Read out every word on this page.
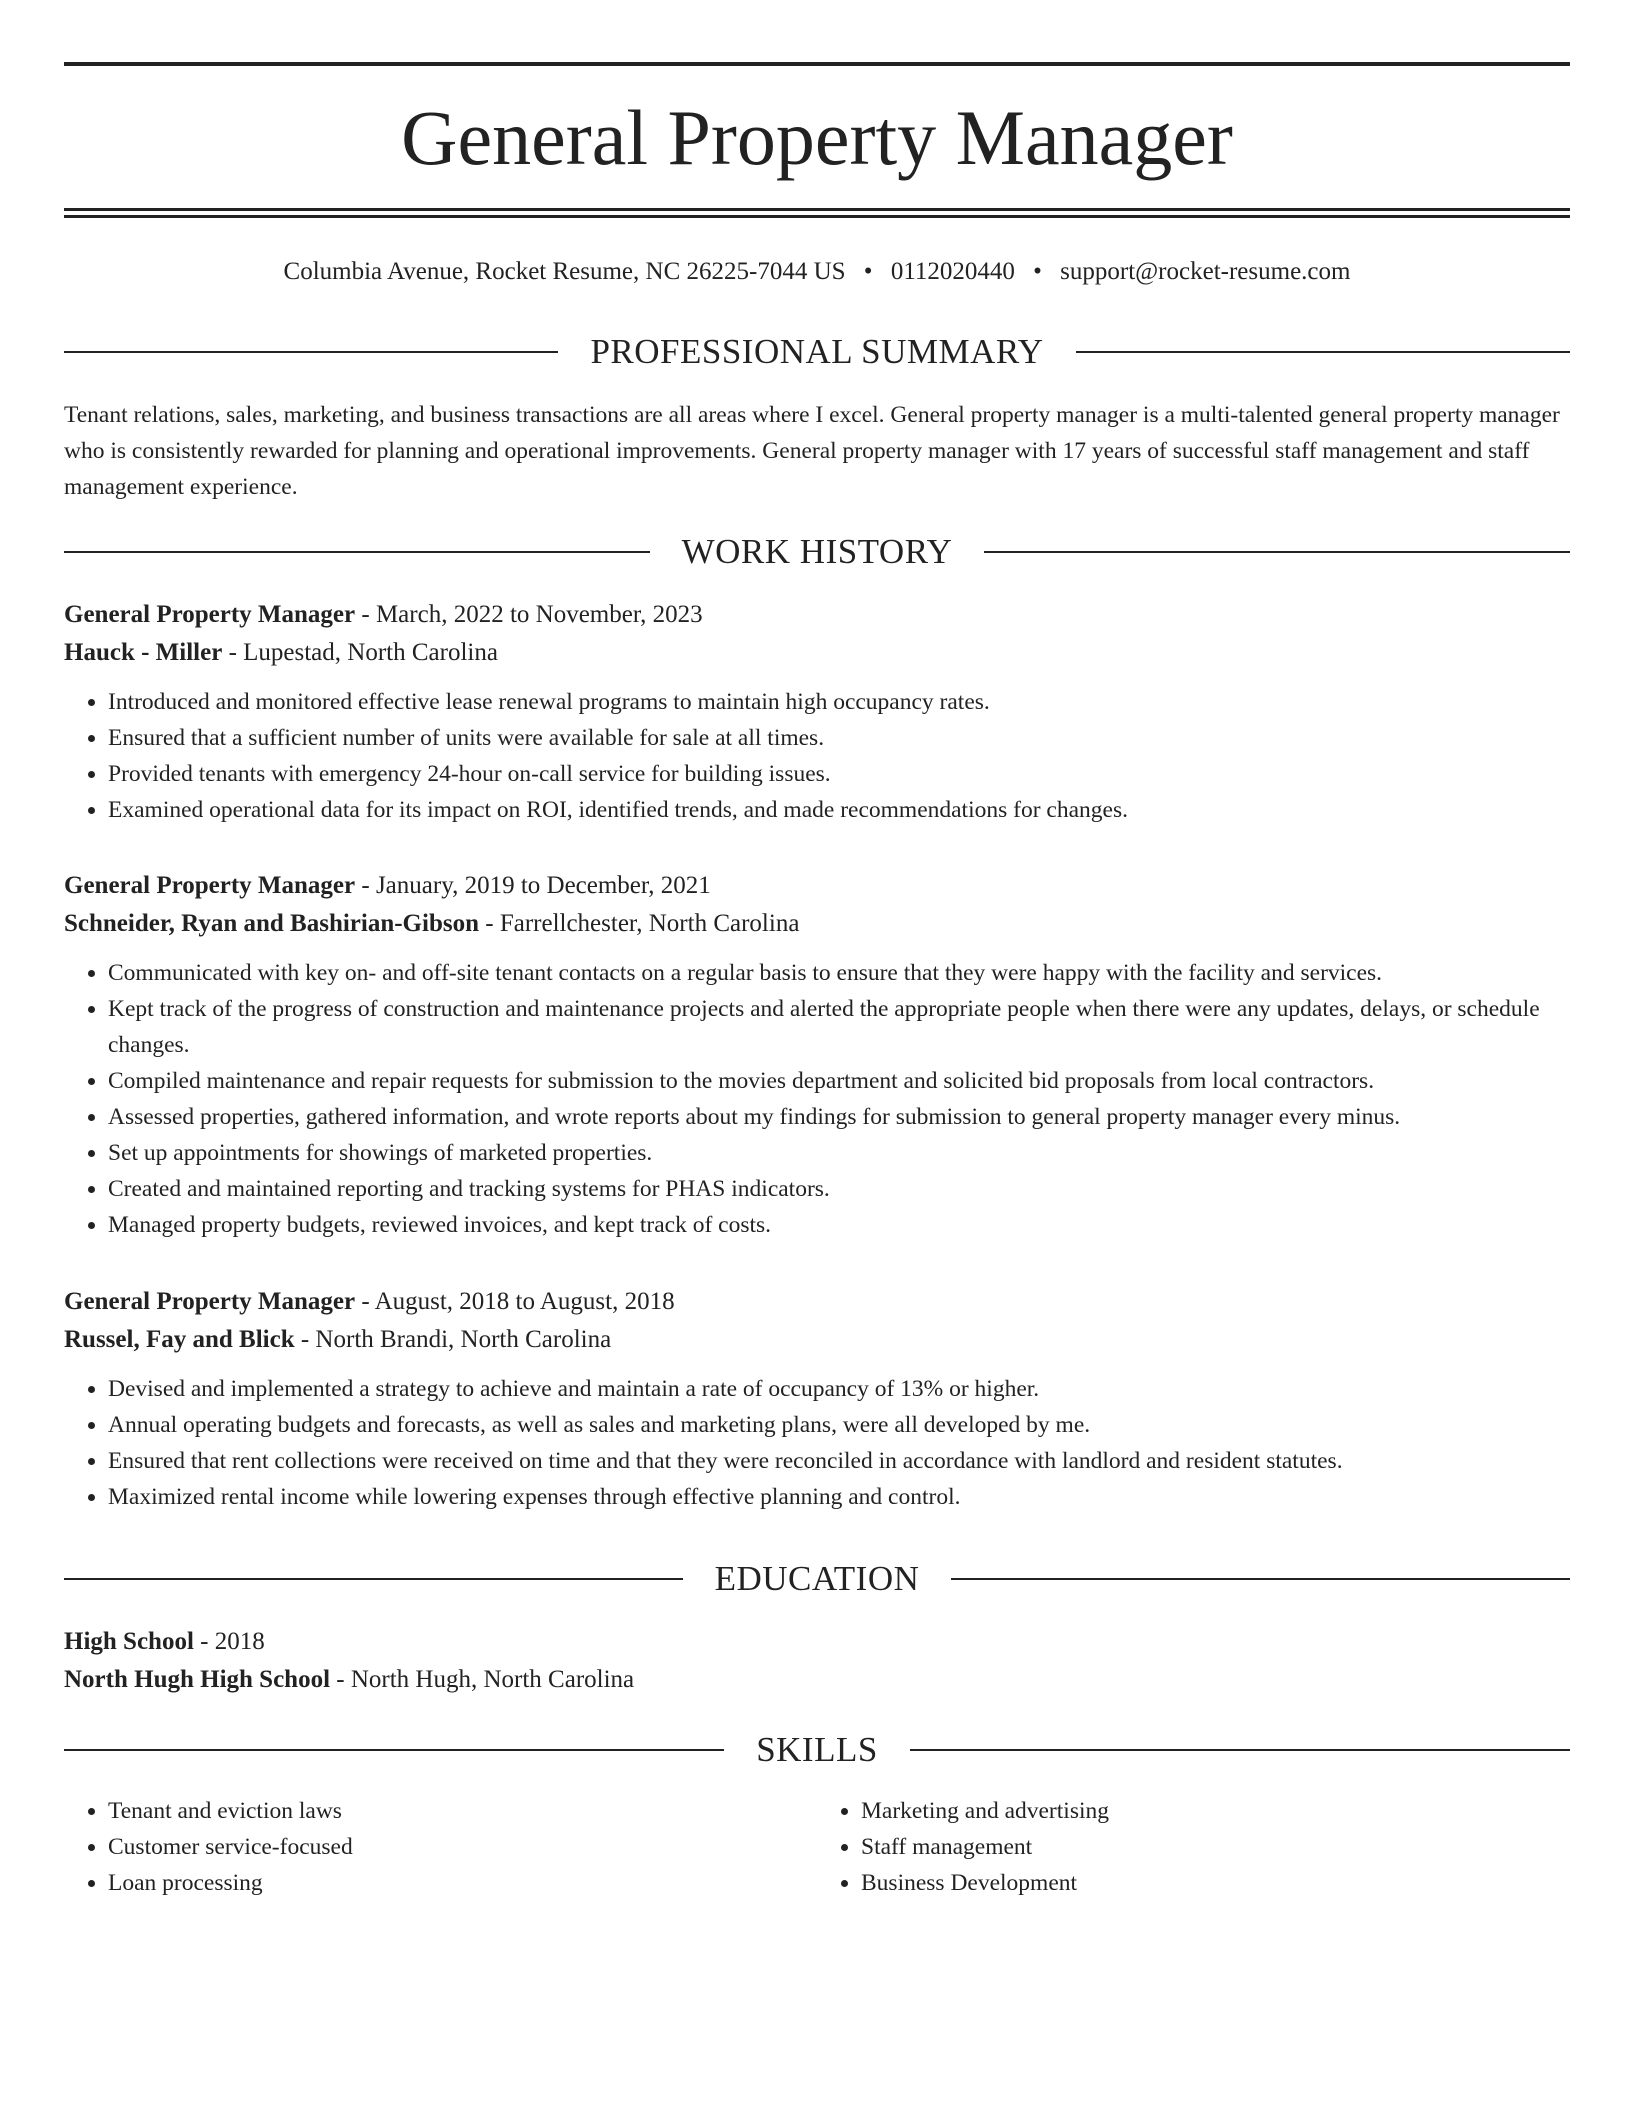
General Property Manager
Columbia Avenue, Rocket Resume, NC 26225-7044 US • 0112020440 • support@rocket-resume.com
PROFESSIONAL SUMMARY

Tenant relations, sales, marketing, and business transactions are all areas where I excel. General property manager is a multi-talented general property manager who is consistently rewarded for planning and operational improvements. General property manager with 17 years of successful staff management and staff management experience.

WORK HISTORY
General Property Manager - March, 2022 to November, 2023
Hauck - Miller - Lupestad, North Carolina
• Introduced and monitored effective lease renewal programs to maintain high occupancy rates.
• Ensured that a sufficient number of units were available for sale at all times.
• Provided tenants with emergency 24-hour on-call service for building issues.
• Examined operational data for its impact on ROI, identified trends, and made recommendations for changes.
General Property Manager - January, 2019 to December, 2021
Schneider, Ryan and Bashirian-Gibson - Farrellchester, North Carolina
• Communicated with key on- and off-site tenant contacts on a regular basis to ensure that they were happy with the facility and services.
• Kept track of the progress of construction and maintenance projects and alerted the appropriate people when there were any updates, delays, or schedule changes.
• Compiled maintenance and repair requests for submission to the movies department and solicited bid proposals from local contractors.
• Assessed properties, gathered information, and wrote reports about my findings for submission to general property manager every minus.
• Set up appointments for showings of marketed properties.
• Created and maintained reporting and tracking systems for PHAS indicators.
• Managed property budgets, reviewed invoices, and kept track of costs.
General Property Manager - August, 2018 to August, 2018
Russel, Fay and Blick - North Brandi, North Carolina
• Devised and implemented a strategy to achieve and maintain a rate of occupancy of 13% or higher.
• Annual operating budgets and forecasts, as well as sales and marketing plans, were all developed by me.
• Ensured that rent collections were received on time and that they were reconciled in accordance with landlord and resident statutes.
• Maximized rental income while lowering expenses through effective planning and control.
EDUCATION
High School - 2018
North Hugh High School - North Hugh, North Carolina
SKILLS
• Tenant and eviction laws
• Customer service-focused
• Loan processing
• Marketing and advertising
• Staff management
• Business Development
